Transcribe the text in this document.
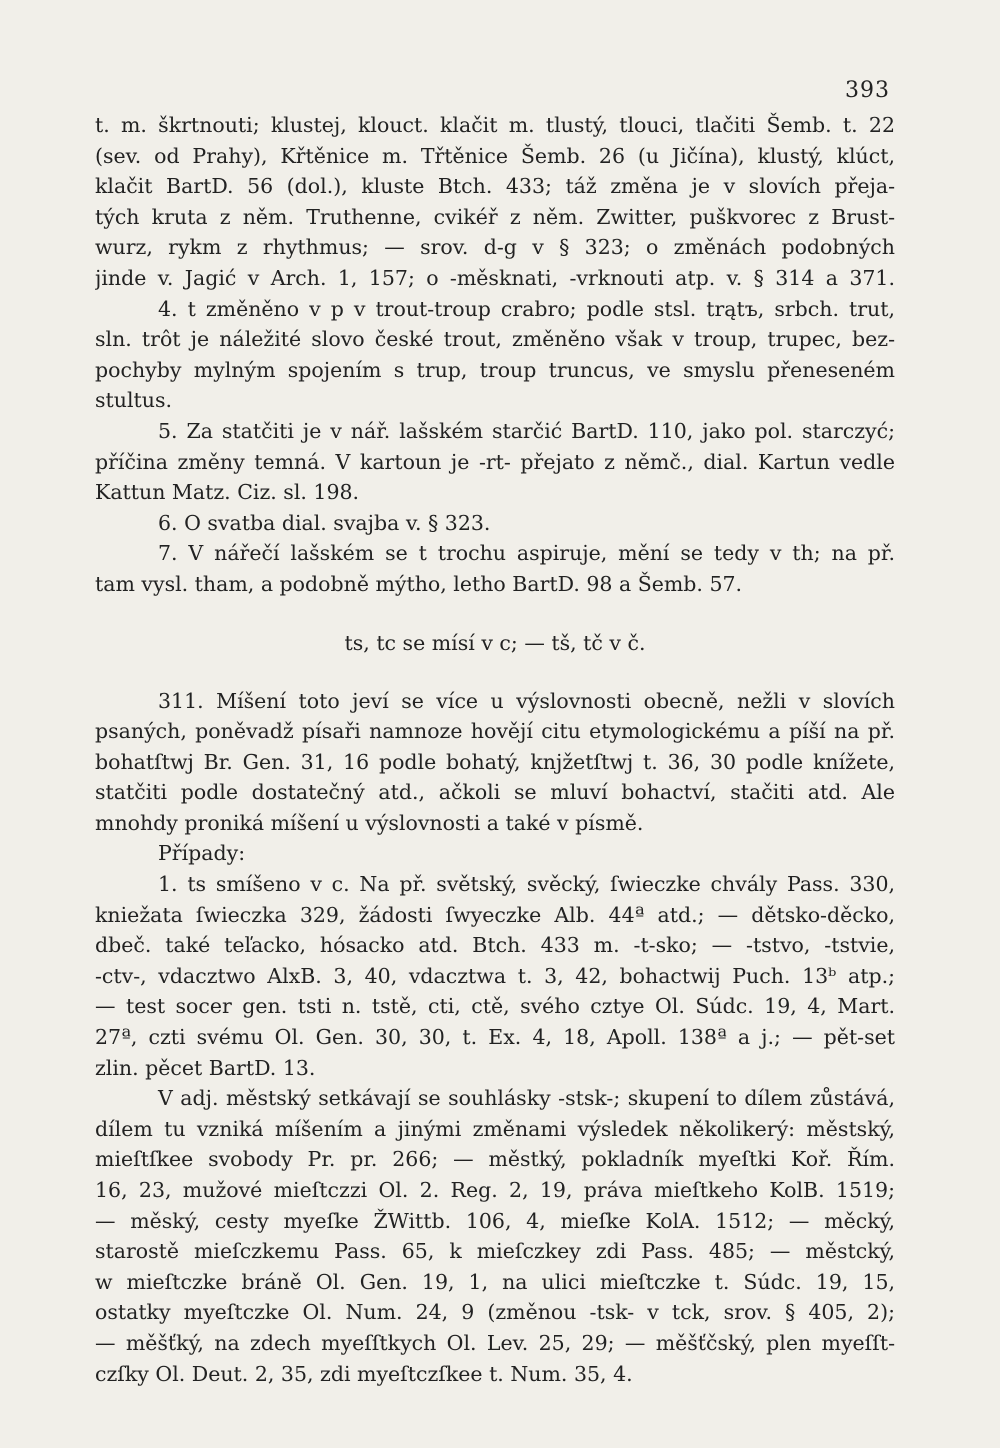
393
t. m. škrtnouti; klustej, klouct. klačit m. tlustý, tlouci, tlačiti Šemb. t. 22
(sev. od Prahy), Křtěnice m. Třtěnice Šemb. 26 (u Jičína), klustý, klúct,
klačit BartD. 56 (dol.), kluste Btch. 433; táž změna je v slovích přeja-
tých kruta z něm. Truthenne, cvikéř z něm. Zwitter, puškvorec z Brust-
wurz, rykm z rhythmus; — srov. d-g v § 323; o změnách podobných
jinde v. Jagić v Arch. 1, 157; o -měsknati, -vrknouti atp. v. § 314 a 371.
4. t změněno v p v trout-troup crabro; podle stsl. trątъ, srbch. trut,
sln. trôt je náležité slovo české trout, změněno však v troup, trupec, bez-
pochyby mylným spojením s trup, troup truncus, ve smyslu přeneseném
stultus.
5. Za statčiti je v nář. lašském starčić BartD. 110, jako pol. starczyć;
příčina změny temná. V kartoun je -rt- přejato z němč., dial. Kartun vedle
Kattun Matz. Ciz. sl. 198.
6. O svatba dial. svajba v. § 323.
7. V nářečí lašském se t trochu aspiruje, mění se tedy v th; na př.
tam vysl. tham, a podobně mýtho, letho BartD. 98 a Šemb. 57.
ts, tc se mísí v c; — tš, tč v č.
311. Míšení toto jeví se více u výslovnosti obecně, nežli v slovích
psaných, poněvadž písaři namnoze hovějí citu etymologickému a píší na př.
bohatſtwj Br. Gen. 31, 16 podle bohatý, knjžetſtwj t. 36, 30 podle knížete,
statčiti podle dostatečný atd., ačkoli se mluví bohactví, stačiti atd. Ale
mnohdy proniká míšení u výslovnosti a také v písmě.
Případy:
1. ts smíšeno v c. Na př. světský, svěcký, ſwieczke chvály Pass. 330,
kniežata ſwieczka 329, žádosti ſwyeczke Alb. 44ª atd.; — dětsko-děcko,
dbeč. také teľacko, hósacko atd. Btch. 433 m. -t-sko; — -tstvo, -tstvie,
-ctv-, vdacztwo AlxB. 3, 40, vdacztwa t. 3, 42, bohactwij Puch. 13ᵇ atp.;
— test socer gen. tsti n. tstě, cti, ctě, svého cztye Ol. Súdc. 19, 4, Mart.
27ª, czti svému Ol. Gen. 30, 30, t. Ex. 4, 18, Apoll. 138ª a j.; — pět-set
zlin. pěcet BartD. 13.
V adj. městský setkávají se souhlásky -stsk-; skupení to dílem zůstává,
dílem tu vzniká míšením a jinými změnami výsledek několikerý: městský,
mieſtſkee svobody Pr. pr. 266; — městký, pokladník myeſtki Koř. Řím.
16, 23, mužové mieſtczzi Ol. 2. Reg. 2, 19, práva mieſtkeho KolB. 1519;
— měský, cesty myeſke ŽWittb. 106, 4, mieſke KolA. 1512; — měcký,
starostě mieſczkemu Pass. 65, k mieſczkey zdi Pass. 485; — městcký,
w mieſtczke bráně Ol. Gen. 19, 1, na ulici mieſtczke t. Súdc. 19, 15,
ostatky myeſtczke Ol. Num. 24, 9 (změnou -tsk- v tck, srov. § 405, 2);
— měšťký, na zdech myeſſtkych Ol. Lev. 25, 29; — měšťčský, plen myeſſt-
czſky Ol. Deut. 2, 35, zdi myeſtczſkee t. Num. 35, 4.
